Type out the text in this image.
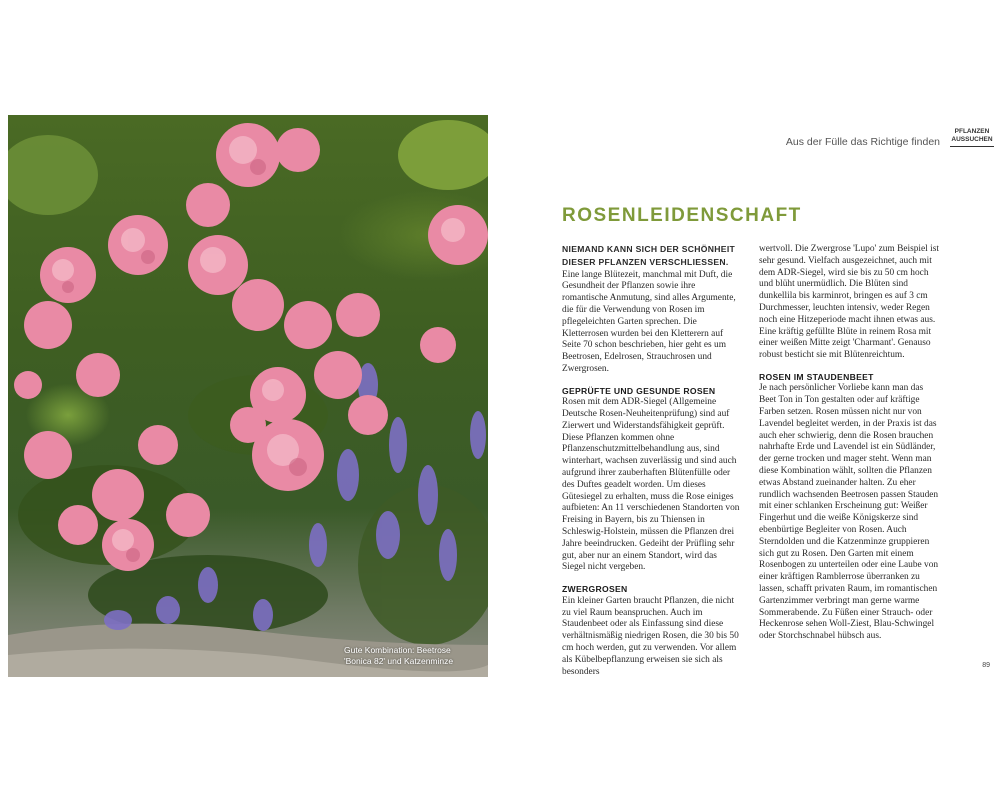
Gute Kombination: Beetrose
'Bonica 82' und Katzenminze
Aus der Fülle das Richtige finden
PFLANZEN AUSSUCHEN
ROSENLEIDENSCHAFT

NIEMAND KANN SICH DER SCHÖNHEIT DIESER PFLANZEN VERSCHLIESSEN. Eine lange Blütezeit, manchmal mit Duft, die Gesundheit der Pflanzen sowie ihre romantische Anmutung, sind alles Argumente, die für die Verwendung von Rosen im pflegeleichten Garten sprechen. Die Kletterrosen wurden bei den Kletterern auf Seite 70 schon beschrieben, hier geht es um Beetrosen, Edelrosen, Strauchrosen und Zwergrosen.

GEPRÜFTE UND GESUNDE ROSEN

Rosen mit dem ADR-Siegel (Allgemeine Deutsche Rosen-Neuheitenprüfung) sind auf Zierwert und Widerstandsfähigkeit geprüft. Diese Pflanzen kommen ohne Pflanzenschutzmittelbehandlung aus, sind winterhart, wachsen zuverlässig und sind auch aufgrund ihrer zauberhaften Blütenfülle oder des Duftes geadelt worden. Um dieses Gütesiegel zu erhalten, muss die Rose einiges aufbieten: An 11 verschiedenen Standorten von Freising in Bayern, bis zu Thiensen in Schleswig-Holstein, müssen die Pflanzen drei Jahre beeindrucken. Gedeiht der Prüfling sehr gut, aber nur an einem Standort, wird das Siegel nicht vergeben.

ZWERGROSEN

Ein kleiner Garten braucht Pflanzen, die nicht zu viel Raum beanspruchen. Auch im Staudenbeet oder als Einfassung sind diese verhältnismäßig niedrigen Rosen, die 30 bis 50 cm hoch werden, gut zu verwenden. Vor allem als Kübelbepflanzung erweisen sie sich als besonders

wertvoll. Die Zwergrose 'Lupo' zum Beispiel ist sehr gesund. Vielfach ausgezeichnet, auch mit dem ADR-Siegel, wird sie bis zu 50 cm hoch und blüht unermüdlich. Die Blüten sind dunkellila bis karminrot, bringen es auf 3 cm Durchmesser, leuchten intensiv, weder Regen noch eine Hitzeperiode macht ihnen etwas aus.

Eine kräftig gefüllte Blüte in reinem Rosa mit einer weißen Mitte zeigt 'Charmant'. Genauso robust besticht sie mit Blütenreichtum.

ROSEN IM STAUDENBEET

Je nach persönlicher Vorliebe kann man das Beet Ton in Ton gestalten oder auf kräftige Farben setzen. Rosen müssen nicht nur von Lavendel begleitet werden, in der Praxis ist das auch eher schwierig, denn die Rosen brauchen nahrhafte Erde und Lavendel ist ein Südländer, der gerne trocken und mager steht. Wenn man diese Kombination wählt, sollten die Pflanzen etwas Abstand zueinander halten. Zu eher rundlich wachsenden Beetrosen passen Stauden mit einer schlanken Erscheinung gut: Weißer Fingerhut und die weiße Königskerze sind ebenbürtige Begleiter von Rosen. Auch Sterndolden und die Katzenminze gruppieren sich gut zu Rosen. Den Garten mit einem Rosenbogen zu unterteilen oder eine Laube von einer kräftigen Ramblerrose überranken zu lassen, schafft privaten Raum, im romantischen Gartenzimmer verbringt man gerne warme Sommerabende. Zu Füßen einer Strauch- oder Heckenrose sehen Woll-Ziest, Blau-Schwingel oder Storchschnabel hübsch aus.

89
